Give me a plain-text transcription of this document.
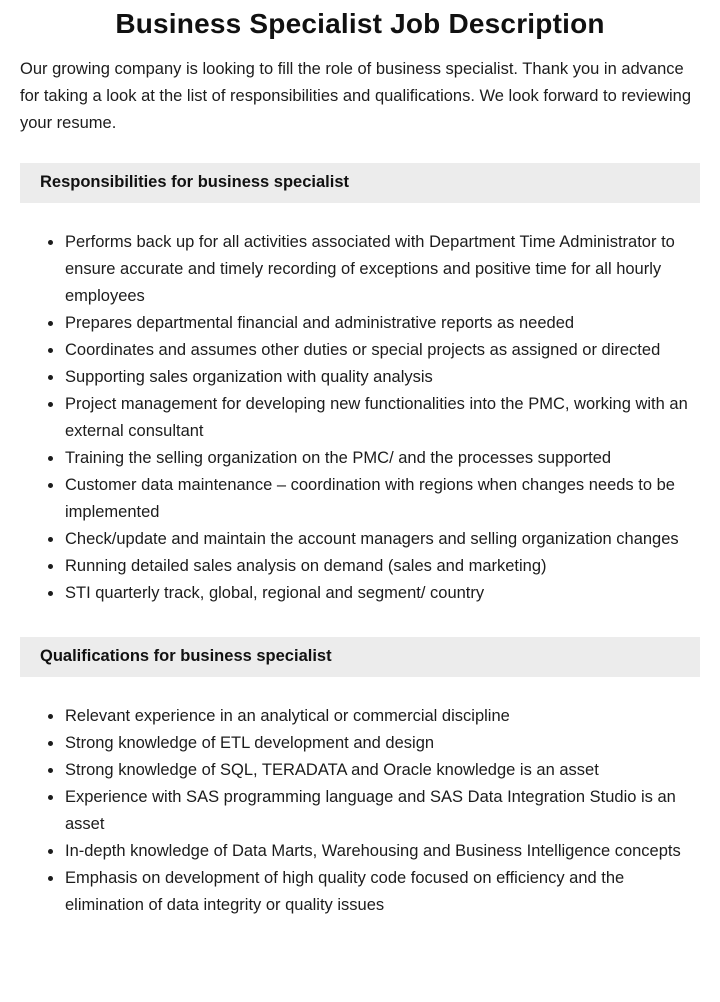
Business Specialist Job Description

Our growing company is looking to fill the role of business specialist. Thank you in advance for taking a look at the list of responsibilities and qualifications. We look forward to reviewing your resume.

Responsibilities for business specialist
Performs back up for all activities associated with Department Time Administrator to ensure accurate and timely recording of exceptions and positive time for all hourly employees
Prepares departmental financial and administrative reports as needed
Coordinates and assumes other duties or special projects as assigned or directed
Supporting sales organization with quality analysis
Project management for developing new functionalities into the PMC, working with an external consultant
Training the selling organization on the PMC/ and the processes supported
Customer data maintenance – coordination with regions when changes needs to be implemented
Check/update and maintain the account managers and selling organization changes
Running detailed sales analysis on demand (sales and marketing)
STI quarterly track, global, regional and segment/ country
Qualifications for business specialist
Relevant experience in an analytical or commercial discipline
Strong knowledge of ETL development and design
Strong knowledge of SQL, TERADATA and Oracle knowledge is an asset
Experience with SAS programming language and SAS Data Integration Studio is an asset
In-depth knowledge of Data Marts, Warehousing and Business Intelligence concepts
Emphasis on development of high quality code focused on efficiency and the elimination of data integrity or quality issues
